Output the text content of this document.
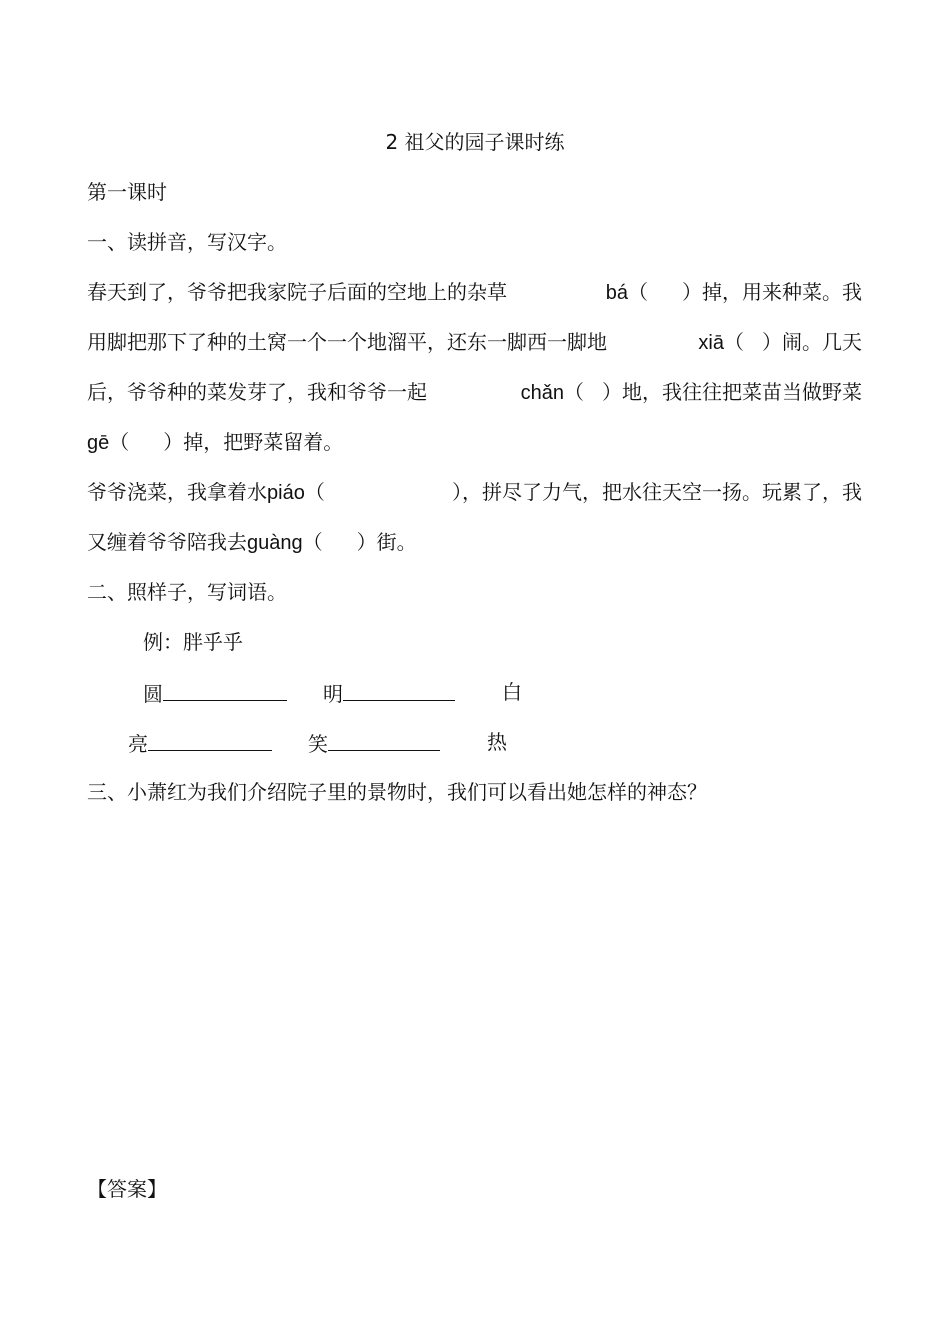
2 祖父的园子课时练
第一课时
一、读拼音，写汉字。
春天到了，爷爷把我家院子后面的空地上的杂草	bá（ ）掉，用来种菜。我
用脚把那下了种的土窝一个一个地溜平，还东一脚西一脚地	xiā（ ）闹。几天
后，爷爷种的菜发芽了，我和爷爷一起	chǎn（ ）地，我往往把菜苗当做野菜
gē（ ）掉，把野菜留着。
爷爷浇菜，我拿着水piáo（	），拼尽了力气，把水往天空一扬。玩累了，我
又缠着爷爷陪我去guàng（ ）街。
二、照样子，写词语。
例：胖乎乎
圆	明	白
亮	笑	热
三、小萧红为我们介绍院子里的景物时，我们可以看出她怎样的神态？
【答案】
